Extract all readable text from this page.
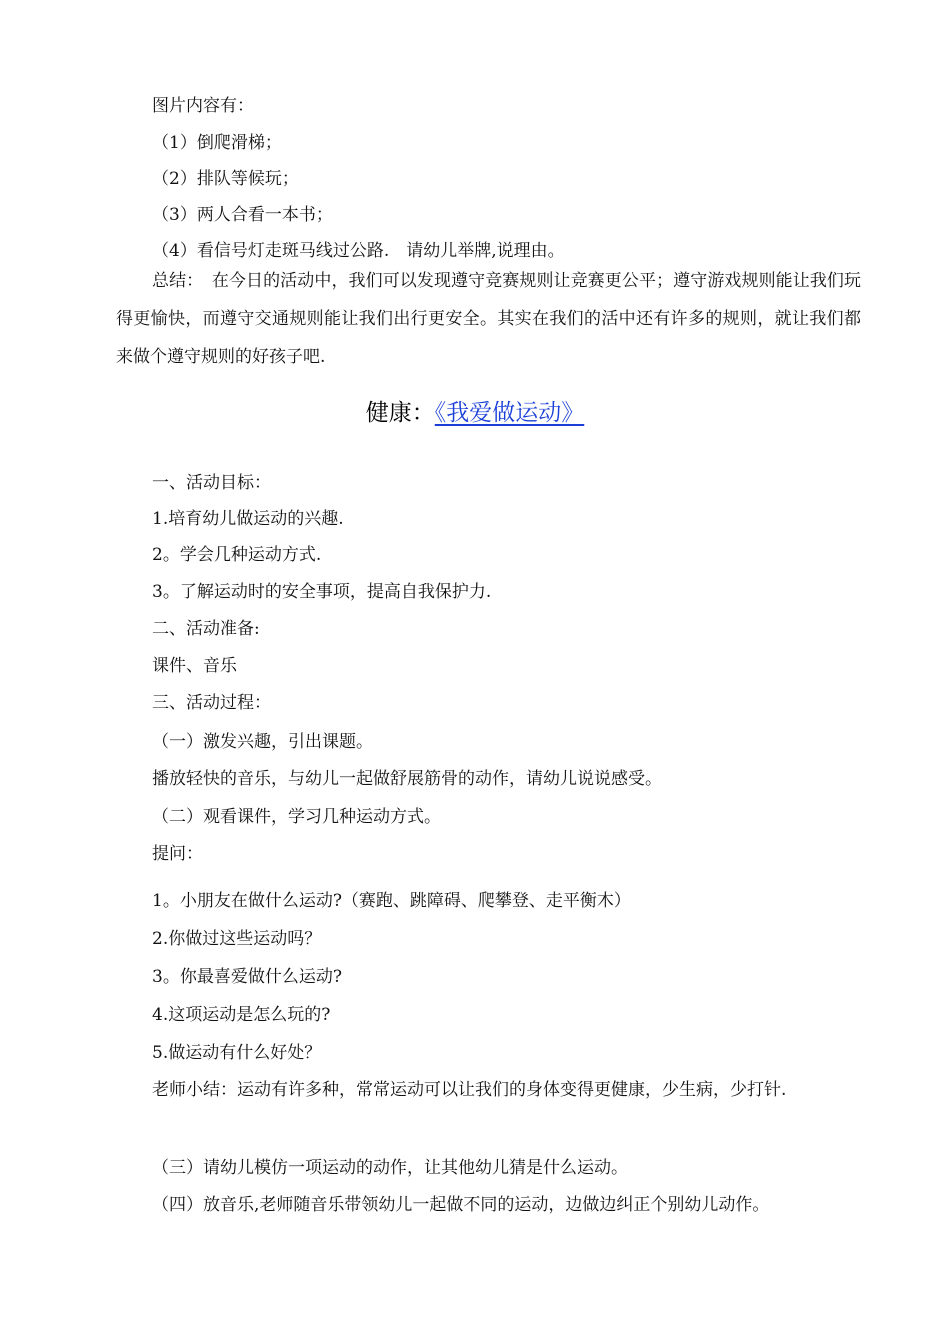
图片内容有：
（1）倒爬滑梯；
（2）排队等候玩；
（3）两人合看一本书；
（4）看信号灯走斑马线过公路.　请幼儿举牌,说理由。
总结：　在今日的活动中，我们可以发现遵守竞赛规则让竞赛更公平；遵守游戏规则能让我们玩得更愉快，而遵守交通规则能让我们出行更安全。其实在我们的活中还有许多的规则，就让我们都来做个遵守规则的好孩子吧.
健康：《我爱做运动》
一、活动目标：
1.培育幼儿做运动的兴趣.
2。学会几种运动方式.
3。了解运动时的安全事项，提高自我保护力.
二、活动准备:
课件、音乐
三、活动过程：
（一）激发兴趣，引出课题。
播放轻快的音乐，与幼儿一起做舒展筋骨的动作，请幼儿说说感受。
（二）观看课件，学习几种运动方式。
提问：
1。小朋友在做什么运动?（赛跑、跳障碍、爬攀登、走平衡木）
2.你做过这些运动吗？
3。你最喜爱做什么运动?
4.这项运动是怎么玩的?
5.做运动有什么好处？
老师小结：运动有许多种，常常运动可以让我们的身体变得更健康，少生病，少打针.
（三）请幼儿模仿一项运动的动作，让其他幼儿猜是什么运动。
（四）放音乐,老师随音乐带领幼儿一起做不同的运动，边做边纠正个别幼儿动作。
